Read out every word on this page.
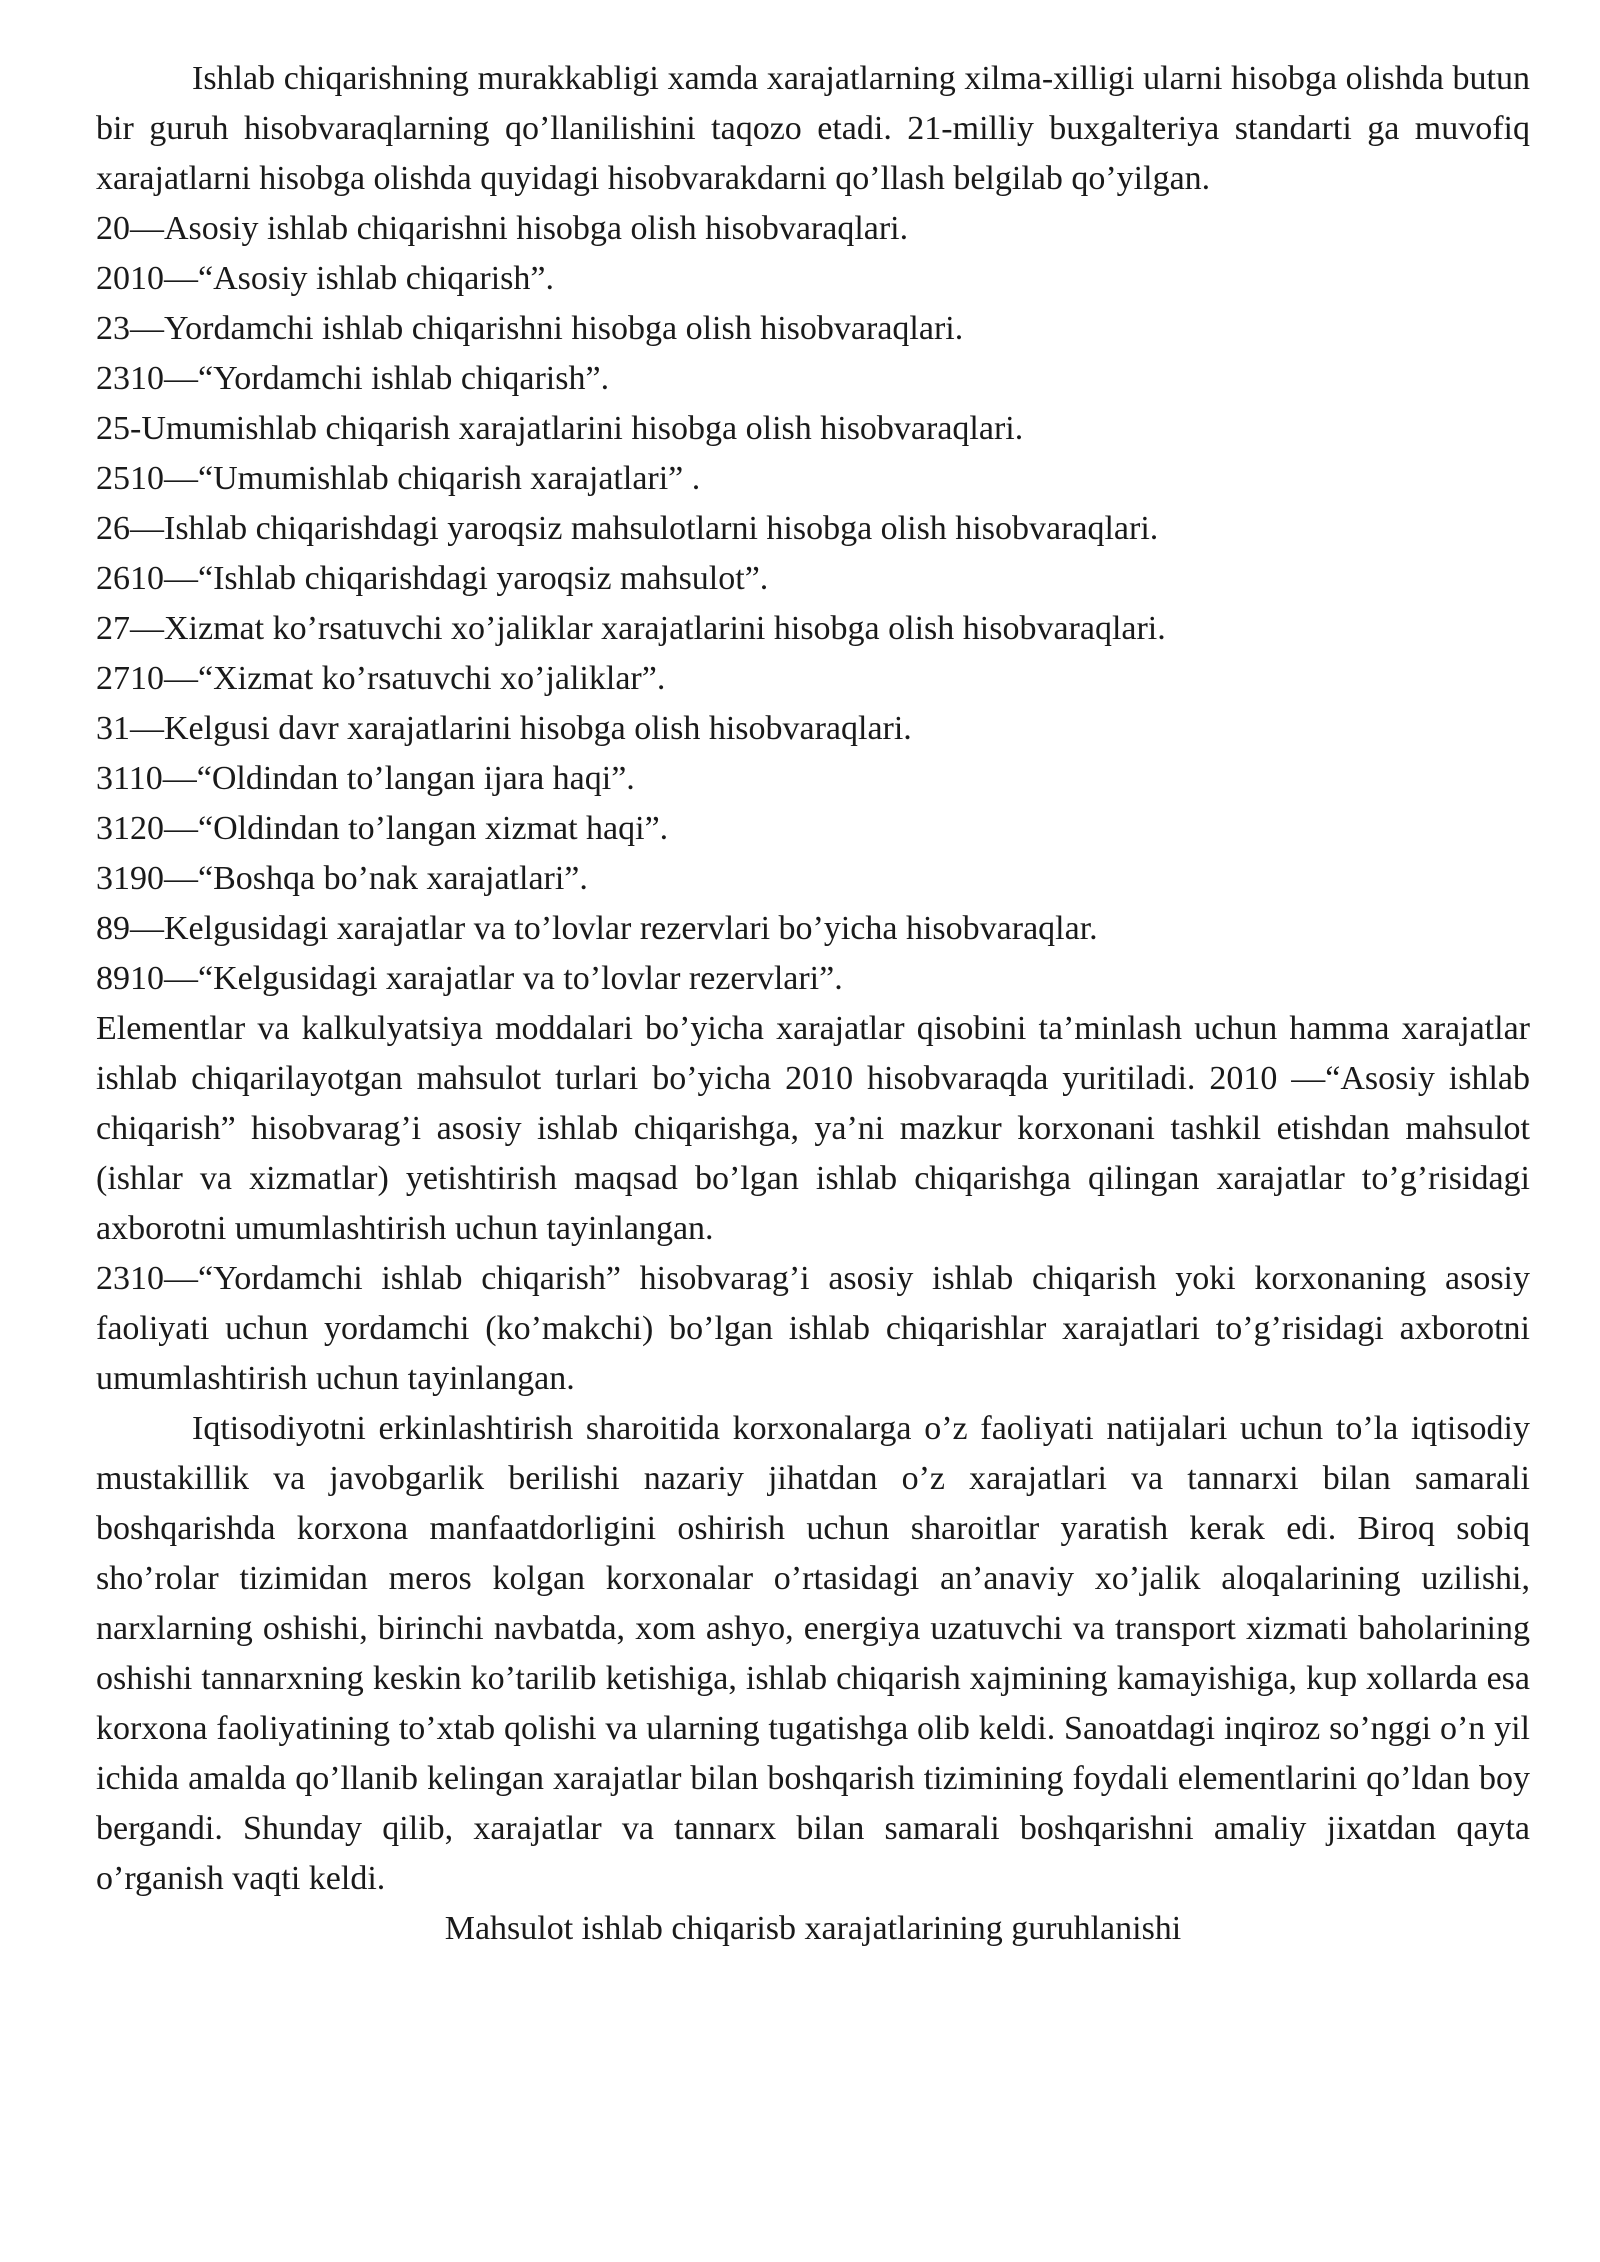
Ishlab chiqarishning murakkabligi xamda xarajatlarning xilma-xilligi ularni hisobga olishda butun bir guruh hisobvaraqlarning qo’llanilishini taqozo etadi. 21-milliy buxgalteriya standarti ga muvofiq xarajatlarni hisobga olishda quyidagi hisobvarakdarni qo’llash belgilab qo’yilgan.

20—Asosiy ishlab chiqarishni hisobga olish hisobvaraqlari.

2010—“Asosiy ishlab chiqarish”.

23—Yordamchi ishlab chiqarishni hisobga olish hisobvaraqlari.

2310—“Yordamchi ishlab chiqarish”.

25-Umumishlab chiqarish xarajatlarini hisobga olish hisobvaraqlari.

2510—“Umumishlab chiqarish xarajatlari” .

26—Ishlab chiqarishdagi yaroqsiz mahsulotlarni hisobga olish hisobvaraqlari.

2610—“Ishlab chiqarishdagi yaroqsiz mahsulot”.

27—Xizmat ko’rsatuvchi xo’jaliklar xarajatlarini hisobga olish hisobvaraqlari.

2710—“Xizmat ko’rsatuvchi xo’jaliklar”.

31—Kelgusi davr xarajatlarini hisobga olish hisobvaraqlari.

3110—“Oldindan to’langan ijara haqi”.

3120—“Oldindan to’langan xizmat haqi”.

3190—“Boshqa bo’nak xarajatlari”.

89—Kelgusidagi xarajatlar va to’lovlar rezervlari bo’yicha hisobvaraqlar.

8910—“Kelgusidagi xarajatlar va to’lovlar rezervlari”.

Elementlar va kalkulyatsiya moddalari bo’yicha xarajatlar qisobini ta’minlash uchun hamma xarajatlar ishlab chiqarilayotgan mahsulot turlari bo’yicha 2010 hisobvaraqda yuritiladi. 2010 —“Asosiy ishlab chiqarish” hisobvarag’i asosiy ishlab chiqarishga, ya’ni mazkur korxonani tashkil etishdan mahsulot (ishlar va xizmatlar) yetishtirish maqsad bo’lgan ishlab chiqarishga qilingan xarajatlar to’g’risidagi axborotni umumlashtirish uchun tayinlangan.

2310—“Yordamchi ishlab chiqarish” hisobvarag’i asosiy ishlab chiqarish yoki korxonaning asosiy faoliyati uchun yordamchi (ko’makchi) bo’lgan ishlab chiqarishlar xarajatlari to’g’risidagi axborotni umumlashtirish uchun tayinlangan.

Iqtisodiyotni erkinlashtirish sharoitida korxonalarga o’z faoliyati natijalari uchun to’la iqtisodiy mustakillik va javobgarlik berilishi nazariy jihatdan o’z xarajatlari va tannarxi bilan samarali boshqarishda korxona manfaatdorligini oshirish uchun sharoitlar yaratish kerak edi. Biroq sobiq sho’rolar tizimidan meros kolgan korxonalar o’rtasidagi an’anaviy xo’jalik aloqalarining uzilishi, narxlarning oshishi, birinchi navbatda, xom ashyo, energiya uzatuvchi va transport xizmati baholarining oshishi tannarxning keskin ko’tarilib ketishiga, ishlab chiqarish xajmining kamayishiga, kup xollarda esa korxona faoliyatining to’xtab qolishi va ularning tugatishga olib keldi. Sanoatdagi inqiroz so’nggi o’n yil ichida amalda qo’llanib kelingan xarajatlar bilan boshqarish tizimining foydali elementlarini qo’ldan boy bergandi. Shunday qilib, xarajatlar va tannarx bilan samarali boshqarishni amaliy jixatdan qayta o’rganish vaqti keldi.

Mahsulot ishlab chiqarisb xarajatlarining guruhlanishi
